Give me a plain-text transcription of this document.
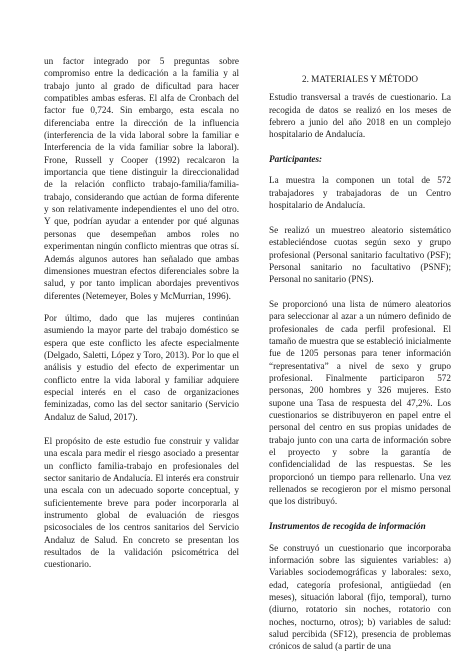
un factor integrado por 5 preguntas sobre compromiso entre la dedicación a la familia y al trabajo junto al grado de dificultad para hacer compatibles ambas esferas. El alfa de Cronbach del factor fue 0,724. Sin embargo, esta escala no diferenciaba entre la dirección de la influencia (interferencia de la vida laboral sobre la familiar e Interferencia de la vida familiar sobre la laboral). Frone, Russell y Cooper (1992) recalcaron la importancia que tiene distinguir la direccionalidad de la relación conflicto trabajo-familia/familia-trabajo, considerando que actúan de forma diferente y son relativamente independientes el uno del otro. Y que, podrían ayudar a entender por qué algunas personas que desempeñan ambos roles no experimentan ningún conflicto mientras que otras sí. Además algunos autores han señalado que ambas dimensiones muestran efectos diferenciales sobre la salud, y por tanto implican abordajes preventivos diferentes (Netemeyer, Boles y McMurrian, 1996).

Por último, dado que las mujeres continúan asumiendo la mayor parte del trabajo doméstico se espera que este conflicto les afecte especialmente (Delgado, Saletti, López y Toro, 2013). Por lo que el análisis y estudio del efecto de experimentar un conflicto entre la vida laboral y familiar adquiere especial interés en el caso de organizaciones feminizadas, como las del sector sanitario (Servicio Andaluz de Salud, 2017).

El propósito de este estudio fue construir y validar una escala para medir el riesgo asociado a presentar un conflicto familia-trabajo en profesionales del sector sanitario de Andalucía. El interés era construir una escala con un adecuado soporte conceptual, y suficientemente breve para poder incorporarla al instrumento global de evaluación de riesgos psicosociales de los centros sanitarios del Servicio Andaluz de Salud. En concreto se presentan los resultados de la validación psicométrica del cuestionario.

2. MATERIALES Y MÉTODO

Estudio transversal a través de cuestionario. La recogida de datos se realizó en los meses de febrero a junio del año 2018 en un complejo hospitalario de Andalucía.

Participantes:

La muestra la componen un total de 572 trabajadores y trabajadoras de un Centro hospitalario de Andalucía.

Se realizó un muestreo aleatorio sistemático estableciéndose cuotas según sexo y grupo profesional (Personal sanitario facultativo (PSF); Personal sanitario no facultativo (PSNF); Personal no sanitario (PNS).

Se proporcionó una lista de número aleatorios para seleccionar al azar a un número definido de profesionales de cada perfil profesional. El tamaño de muestra que se estableció inicialmente fue de 1205 personas para tener información “representativa” a nivel de sexo y grupo profesional. Finalmente participaron 572 personas, 200 hombres y 326 mujeres. Esto supone una Tasa de respuesta del 47,2%. Los cuestionarios se distribuyeron en papel entre el personal del centro en sus propias unidades de trabajo junto con una carta de información sobre el proyecto y sobre la garantía de confidencialidad de las respuestas. Se les proporcionó un tiempo para rellenarlo. Una vez rellenados se recogieron por el mismo personal que los distribuyó.

Instrumentos de recogida de información

Se construyó un cuestionario que incorporaba información sobre las siguientes variables: a) Variables sociodemográficas y laborales: sexo, edad, categoría profesional, antigüedad (en meses), situación laboral (fijo, temporal), turno (diurno, rotatorio sin noches, rotatorio con noches, nocturno, otros); b) variables de salud: salud percibida (SF12), presencia de problemas crónicos de salud (a partir de una
